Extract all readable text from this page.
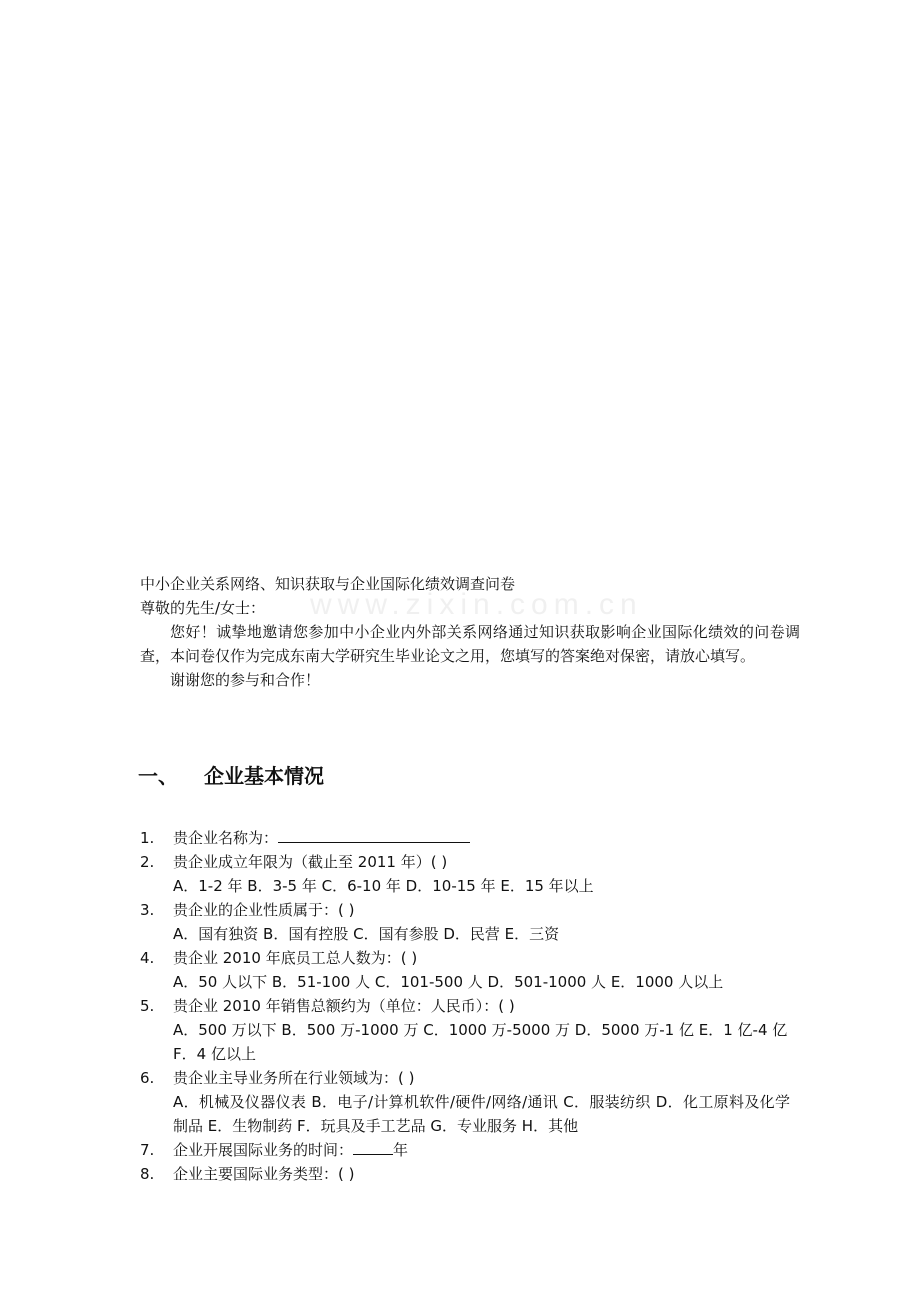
www.zixin.com.cn
中小企业关系网络、知识获取与企业国际化绩效调查问卷
尊敬的先生/女士：
您好！诚挚地邀请您参加中小企业内外部关系网络通过知识获取影响企业国际化绩效的问卷调查，本问卷仅作为完成东南大学研究生毕业论文之用，您填写的答案绝对保密，请放心填写。
谢谢您的参与和合作！
一、 企业基本情况
1. 贵企业名称为：
2. 贵企业成立年限为（截止至 2011 年）( )
A．1-2 年 B．3-5 年 C．6-10 年 D．10-15 年 E．15 年以上
3. 贵企业的企业性质属于：( )
A．国有独资 B．国有控股 C．国有参股 D．民营 E．三资
4. 贵企业 2010 年底员工总人数为：( )
A．50 人以下 B．51-100 人 C．101-500 人 D．501-1000 人 E．1000 人以上
5. 贵企业 2010 年销售总额约为（单位：人民币）：( )
A．500 万以下 B．500 万-1000 万 C．1000 万-5000 万 D．5000 万-1 亿 E．1 亿-4 亿
F．4 亿以上
6. 贵企业主导业务所在行业领域为：( )
A．机械及仪器仪表 B．电子/计算机软件/硬件/网络/通讯 C．服装纺织 D．化工原料及化学制品 E．生物制药 F．玩具及手工艺品 G．专业服务 H．其他
7. 企业开展国际业务的时间：	年
8. 企业主要国际业务类型：( )
